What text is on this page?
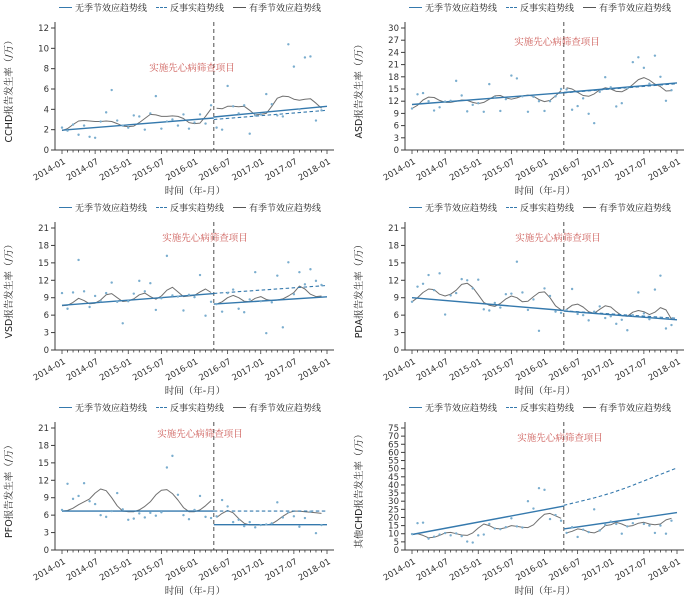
无季节效应趋势线	反事实趋势线	有季节效应趋势线
CCHD报告发生率（/万）
0
2
4
6
8
10
12
2014-01
2014-07
2015-01
2015-07
2016-01
2016-07
2017-01
2017-07
2018-01
实施先心病筛查项目
时间（年-月）
无季节效应趋势线	反事实趋势线	有季节效应趋势线
ASD报告发生率（/万）
0
3
6
9
12
15
18
21
24
27
30
2014-01
2014-07
2015-01
2015-07
2016-01
2016-07
2017-01
2017-07
2018-01
实施先心病筛查项目
时间（年-月）
无季节效应趋势线	反事实趋势线	有季节效应趋势线
VSD报告发生率（/万）
0
3
6
9
12
15
18
21
2014-01
2014-07
2015-01
2015-07
2016-01
2016-07
2017-01
2017-07
2018-01
实施先心病筛查项目
时间（年-月）
无季节效应趋势线	反事实趋势线	有季节效应趋势线
PDA报告发生率（/万）
0
3
6
9
12
15
18
21
2014-01
2014-07
2015-01
2015-07
2016-01
2016-07
2017-01
2017-07
2018-01
实施先心病筛查项目
时间（年-月）
无季节效应趋势线	反事实趋势线	有季节效应趋势线
PFO报告发生率（/万）
0
3
6
9
12
15
18
21
2014-01
2014-07
2015-01
2015-07
2016-01
2016-07
2017-01
2017-07
2018-01
实施先心病筛查项目
时间（年-月）
无季节效应趋势线	反事实趋势线	有季节效应趋势线
其他CHD报告发生率（/万）
0
5
10
15
20
25
30
35
40
45
50
55
60
65
70
75
2014-01
2014-07
2015-01
2015-07
2016-01
2016-07
2017-01
2017-07
2018-01
实施先心病筛查项目
时间（年-月）
